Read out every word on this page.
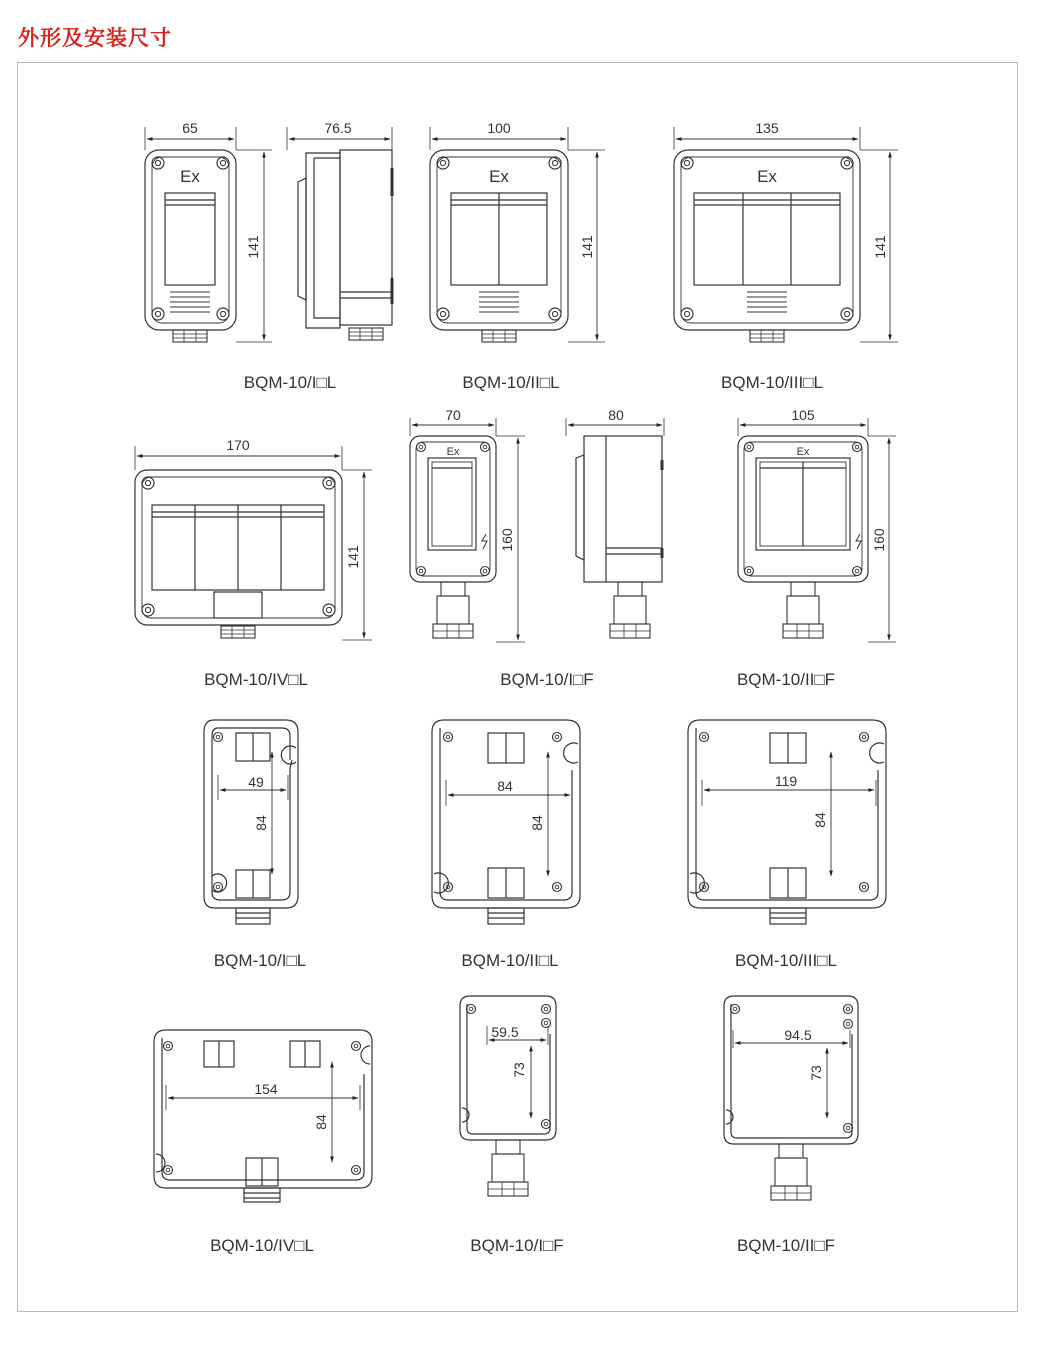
外形及安装尺寸
Ex	Ex	Ex
Ex	Ex
65
141
76.5	100
141
135
141
BQM-10/I□L	BQM-10/II□L	BQM-10/III□L
170
141
70
160
80	105
160
BQM-10/IV□L	BQM-10/I□F	BQM-10/II□F
49
84
84
84
119
84
BQM-10/I□L	BQM-10/II□L	BQM-10/III□L
154
84
59.5
73
94.5
73
BQM-10/IV□L	BQM-10/I□F	BQM-10/II□F
